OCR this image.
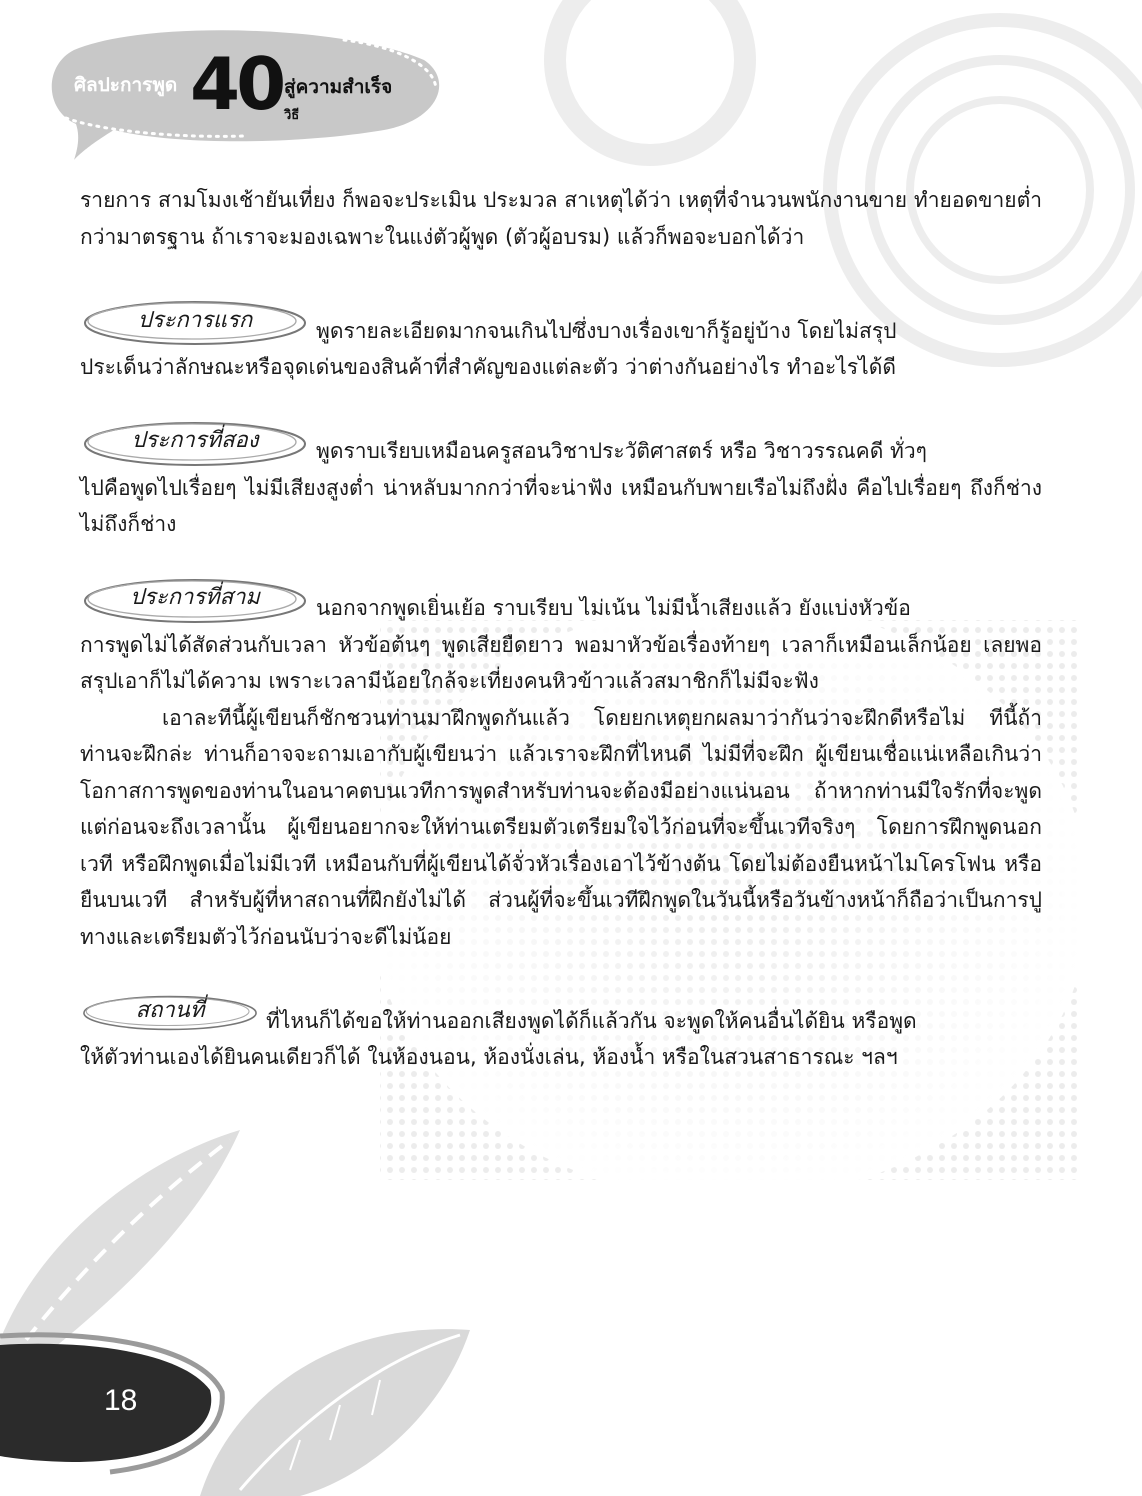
ศิลปะการพูด 40 สู่ความสำเร็จ
วิธี

รายการ สามโมงเช้ายันเที่ยง ก็พอจะประเมิน ประมวล สาเหตุได้ว่า เหตุที่จำนวนพนักงานขาย ทำยอดขายต่ำกว่ามาตรฐาน ถ้าเราจะมองเฉพาะในแง่ตัวผู้พูด (ตัวผู้อบรม) แล้วก็พอจะบอกได้ว่า

ประการแรก	พูดรายละเอียดมากจนเกินไปซึ่งบางเรื่องเขาก็รู้อยู่บ้าง โดยไม่สรุป

ประเด็นว่าลักษณะหรือจุดเด่นของสินค้าที่สำคัญของแต่ละตัว ว่าต่างกันอย่างไร ทำอะไรได้ดี

ประการที่สอง	พูดราบเรียบเหมือนครูสอนวิชาประวัติศาสตร์ หรือ วิชาวรรณคดี ทั่วๆ

ไปคือพูดไปเรื่อยๆ ไม่มีเสียงสูงต่ำ น่าหลับมากกว่าที่จะน่าฟัง เหมือนกับพายเรือไม่ถึงฝั่ง คือไปเรื่อยๆ ถึงก็ช่างไม่ถึงก็ช่าง

ประการที่สาม	นอกจากพูดเยิ่นเย้อ ราบเรียบ ไม่เน้น ไม่มีน้ำเสียงแล้ว ยังแบ่งหัวข้อ

การพูดไม่ได้สัดส่วนกับเวลา หัวข้อต้นๆ พูดเสียยืดยาว พอมาหัวข้อเรื่องท้ายๆ เวลาก็เหมือนเล็กน้อย เลยพอสรุปเอาก็ไม่ได้ความ เพราะเวลามีน้อยใกล้จะเที่ยงคนหิวข้าวแล้วสมาชิกก็ไม่มีจะฟัง

เอาละทีนี้ผู้เขียนก็ชักชวนท่านมาฝึกพูดกันแล้ว โดยยกเหตุยกผลมาว่ากันว่าจะฝึกดีหรือไม่ ทีนี้ถ้าท่านจะฝึกล่ะ ท่านก็อาจจะถามเอากับผู้เขียนว่า แล้วเราจะฝึกที่ไหนดี ไม่มีที่จะฝึก ผู้เขียนเชื่อแน่เหลือเกินว่าโอกาสการพูดของท่านในอนาคตบนเวทีการพูดสำหรับท่านจะต้องมีอย่างแน่นอน ถ้าหากท่านมีใจรักที่จะพูดแต่ก่อนจะถึงเวลานั้น ผู้เขียนอยากจะให้ท่านเตรียมตัวเตรียมใจไว้ก่อนที่จะขึ้นเวทีจริงๆ โดยการฝึกพูดนอกเวที หรือฝึกพูดเมื่อไม่มีเวที เหมือนกับที่ผู้เขียนได้จั่วหัวเรื่องเอาไว้ข้างต้น โดยไม่ต้องยืนหน้าไมโครโฟน หรือยืนบนเวที สำหรับผู้ที่หาสถานที่ฝึกยังไม่ได้ ส่วนผู้ที่จะขึ้นเวทีฝึกพูดในวันนี้หรือวันข้างหน้าก็ถือว่าเป็นการปูทางและเตรียมตัวไว้ก่อนนับว่าจะดีไม่น้อย

สถานที่	ที่ไหนก็ได้ขอให้ท่านออกเสียงพูดได้ก็แล้วกัน จะพูดให้คนอื่นได้ยิน หรือพูด

ให้ตัวท่านเองได้ยินคนเดียวก็ได้ ในห้องนอน, ห้องนั่งเล่น, ห้องน้ำ หรือในสวนสาธารณะ ฯลฯ

18
